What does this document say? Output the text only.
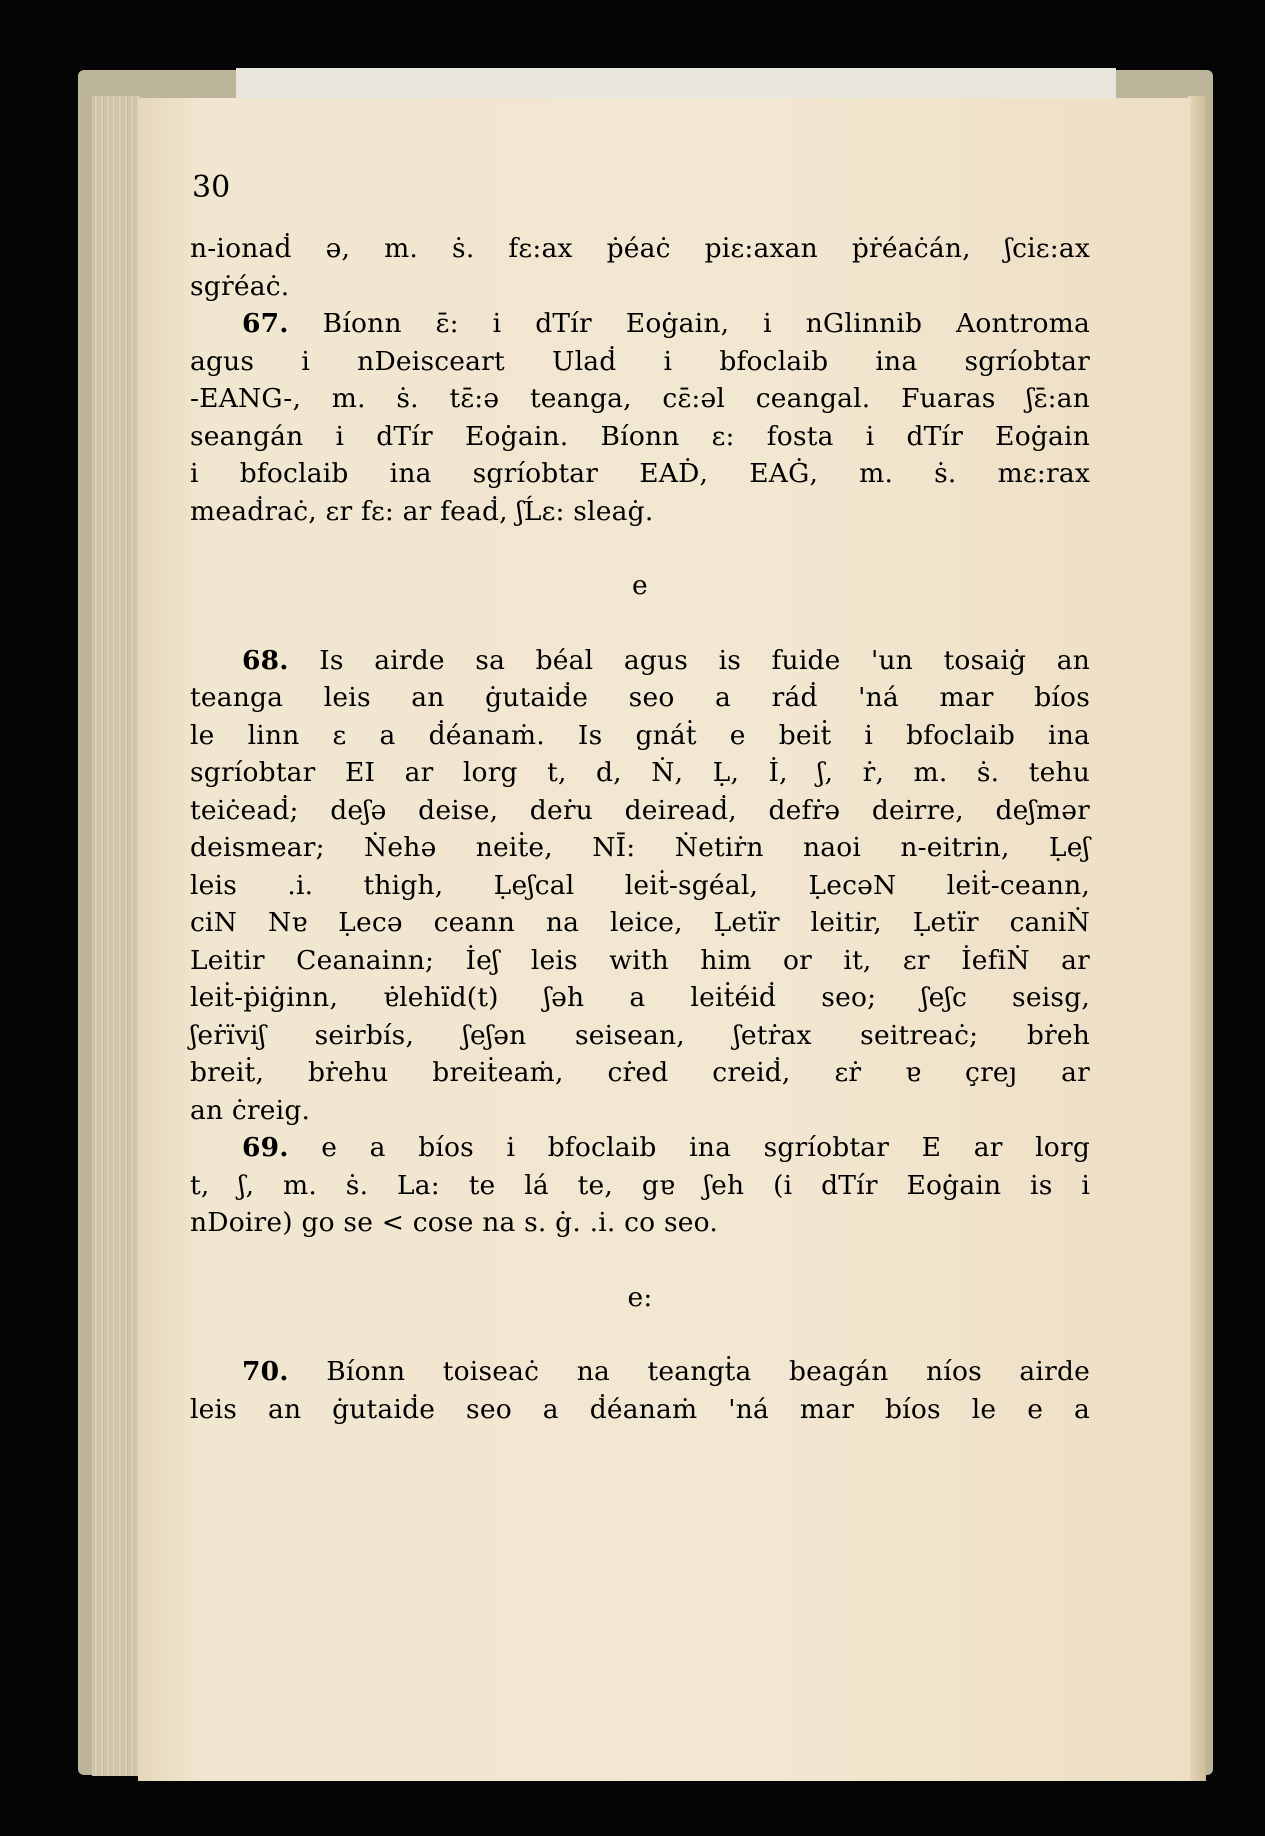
30
n-ionaḋ ə, m. ṡ. fɛ:ax ṗéaċ pi̇ɛ:axan ṗṙéaċán, ʃci̇ɛ:ax
sgṙéaċ.
67. Bíonn ɛ̄: i dTír Eoġain, i nGlinnib Aontroma
agus i nDeisceart Ulaḋ i bfoclaib ina sgríobtar
-EANG-, m. ṡ. tɛ̄:ə teanga, cɛ̄:əl ceangal. Fuaras ʃɛ̄:an
seangán i dTír Eoġain. Bíonn ɛ: fosta i dTír Eoġain
i bfoclaib ina sgríobtar EAḊ, EAĠ, m. ṡ. mɛ:rax
meaḋraċ, ɛr fɛ: ar feaḋ, ʃĹɛ: sleaġ.
e
68. Is airde sa béal agus is fuide 'un tosaiġ an
teanga leis an ġutaiḋe seo a ráḋ 'ná mar bíos
le linn ɛ a ḋéanaṁ. Is gnáṫ e beiṫ i bfoclaib ina
sgríobtar EI ar lorg t, d, Ṅ, Ḷ, İ, ʃ, ṙ, m. ṡ. tehu
teiċeaḋ; deʃə deise, deṙu deireaḋ, defṙə deirre, deʃmər
deismear; Ṅehə neiṫe, NĪ: Ṅetiṙn naoi n-eitrin, Ḷeʃ
leis .i. thigh, Ḷeʃcal leiṫ-sgéal, ḶecəN leiṫ-ceann,
ciN Nɐ Ḷecə ceann na leice, Ḷetïr leitir, Ḷetïr caniṄ
Leitir Ceanainn; İeʃ leis with him or it, ɛr İefiṄ ar
leiṫ-ṗiġinn, ɐ̇lehïd(t) ʃəh a leiṫéiḋ seo; ʃeʃc seisg,
ʃeṙïviʃ seirbís, ʃeʃən seisean, ʃetṙax seitreaċ; bṙeh
breiṫ, bṙehu breiṫeaṁ, cṙed creiḋ, ɛṙ ɐ çreȷ ar
an ċreig.
69. e a bíos i bfoclaib ina sgríobtar E ar lorg
t, ʃ, m. ṡ. La: te lá te, gɐ ʃeh (i dTír Eoġain is i
nDoire) go se < cose na s. ġ. .i. co seo.
e:
70. Bíonn toiseaċ na teangṫa beagán níos airde
leis an ġutaiḋe seo a ḋéanaṁ 'ná mar bíos le e a
